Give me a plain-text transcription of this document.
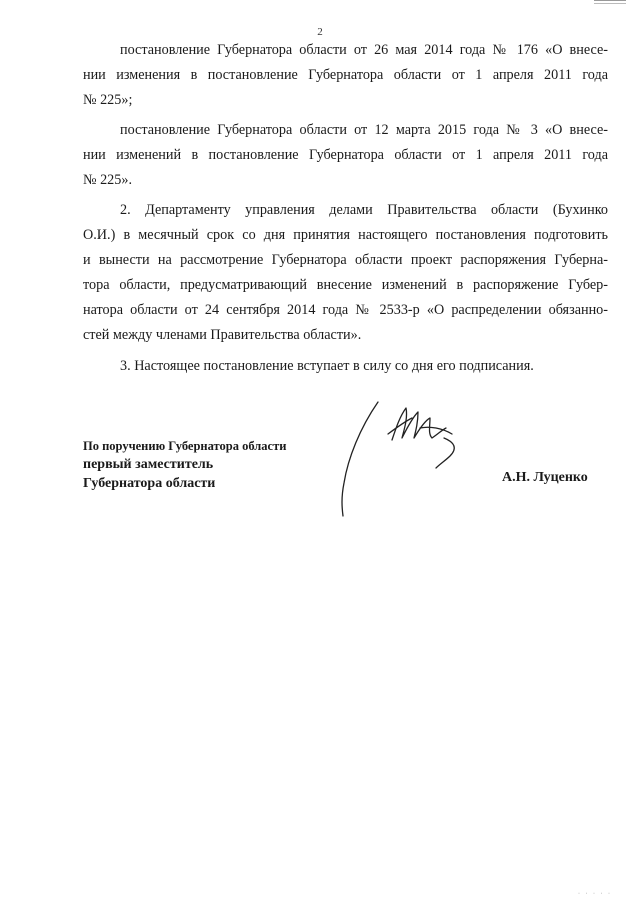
2
постановление Губернатора области от 26 мая 2014 года № 176 «О внесе-
нии изменения в постановление Губернатора области от 1 апреля 2011 года
№ 225»;
постановление Губернатора области от 12 марта 2015 года № 3 «О внесе-
нии изменений в постановление Губернатора области от 1 апреля 2011 года
№ 225».
2. Департаменту управления делами Правительства области (Бухинко
О.И.) в месячный срок со дня принятия настоящего постановления подготовить
и вынести на рассмотрение Губернатора области проект распоряжения Губерна-
тора области, предусматривающий внесение изменений в распоряжение Губер-
натора области от 24 сентября 2014 года № 2533-р «О распределении обязанно-
стей между членами Правительства области».
3. Настоящее постановление вступает в силу со дня его подписания.
По поручению Губернатора области
первый заместитель
Губернатора области	А.Н. Луценко
· · · · ·
